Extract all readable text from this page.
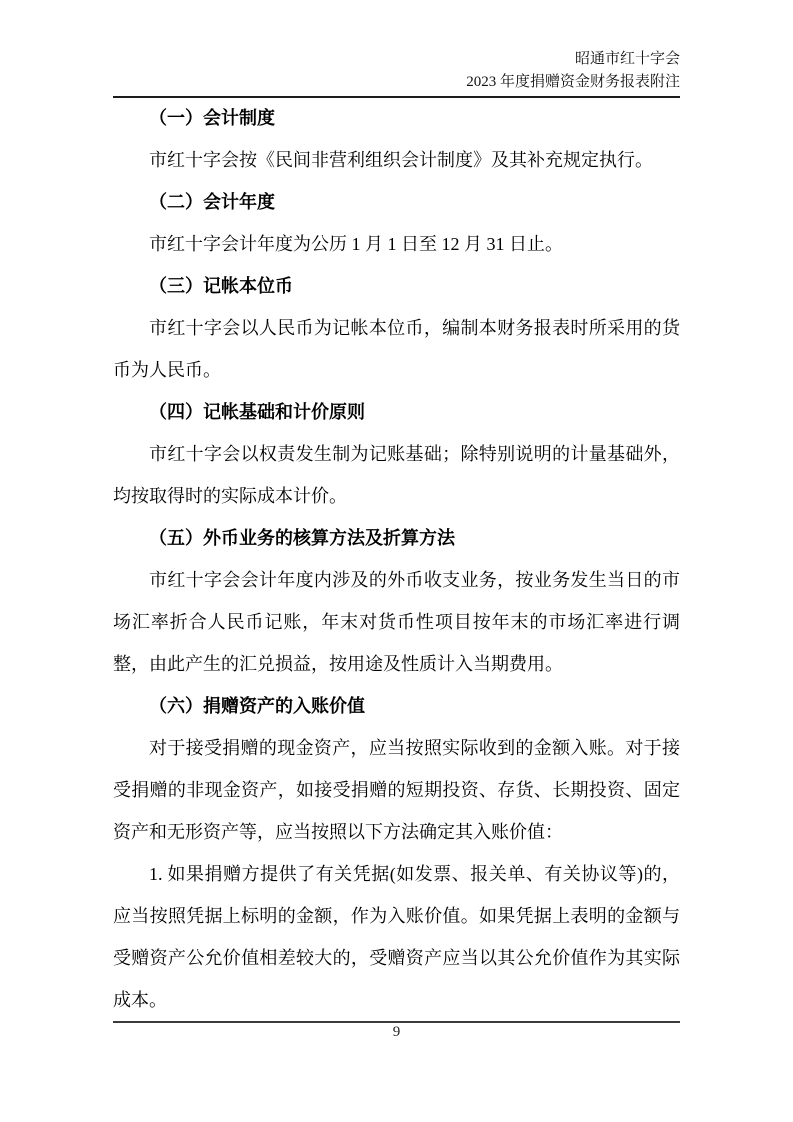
昭通市红十字会
2023 年度捐赠资金财务报表附注
（一）会计制度

市红十字会按《民间非营利组织会计制度》及其补充规定执行。

（二）会计年度

市红十字会计年度为公历 1 月 1 日至 12 月 31 日止。

（三）记帐本位币

市红十字会以人民币为记帐本位币，编制本财务报表时所采用的货币为人民币。

（四）记帐基础和计价原则

市红十字会以权责发生制为记账基础；除特别说明的计量基础外，均按取得时的实际成本计价。

（五）外币业务的核算方法及折算方法

市红十字会会计年度内涉及的外币收支业务，按业务发生当日的市场汇率折合人民币记账，年末对货币性项目按年末的市场汇率进行调整，由此产生的汇兑损益，按用途及性质计入当期费用。

（六）捐赠资产的入账价值

对于接受捐赠的现金资产，应当按照实际收到的金额入账。对于接受捐赠的非现金资产，如接受捐赠的短期投资、存货、长期投资、固定资产和无形资产等，应当按照以下方法确定其入账价值：

1. 如果捐赠方提供了有关凭据(如发票、报关单、有关协议等)的，应当按照凭据上标明的金额，作为入账价值。如果凭据上表明的金额与受赠资产公允价值相差较大的，受赠资产应当以其公允价值作为其实际成本。

9
